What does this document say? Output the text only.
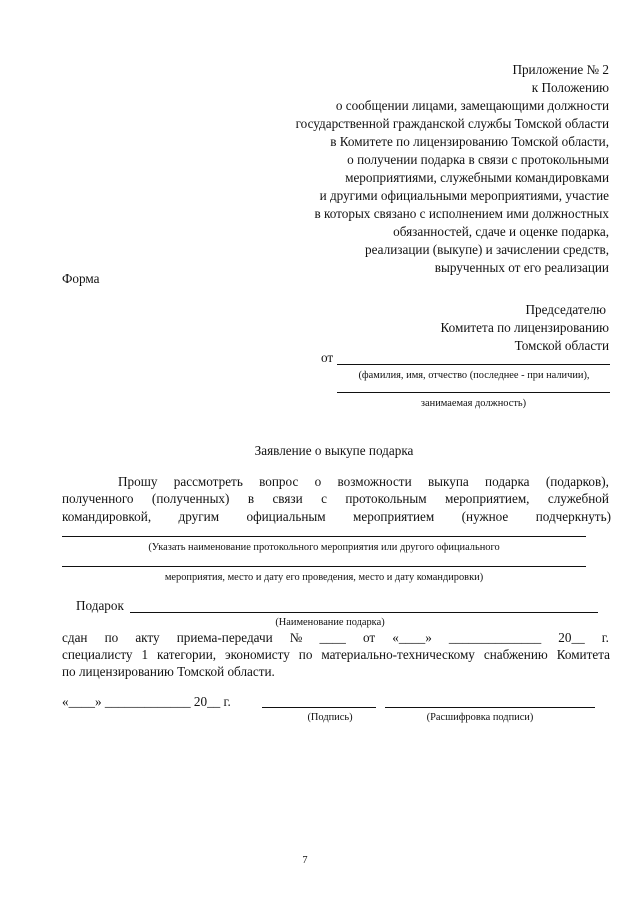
Приложение № 2
к Положению
о сообщении лицами, замещающими должности
государственной гражданской службы Томской области
в Комитете по лицензированию Томской области,
о получении подарка в связи с протокольными
мероприятиями, служебными командировками
и другими официальными мероприятиями, участие
в которых связано с исполнением ими должностных
обязанностей, сдаче и оценке подарка,
реализации (выкупе) и зачислении средств,
вырученных от его реализации
Форма
Председателю
Комитета по лицензированию
Томской области
от
(фамилия, имя, отчество (последнее - при наличии),
занимаемая должность)
Заявление о выкупе подарка
Прошу рассмотреть вопрос о возможности выкупа подарка (подарков),
полученного (полученных) в связи с протокольным мероприятием, служебной
командировкой, другим официальным мероприятием (нужное подчеркнуть)
(Указать наименование протокольного мероприятия или другого официального
мероприятия, место и дату его проведения, место и дату командировки)
Подарок
(Наименование подарка)
сдан по акту приема-передачи № ____ от «____» ______________ 20__ г.
специалисту 1 категории, экономисту по материально-техническому снабжению Комитета
по лицензированию Томской области.
«____» _____________ 20__ г.
(Подпись)	(Расшифровка подписи)
7
